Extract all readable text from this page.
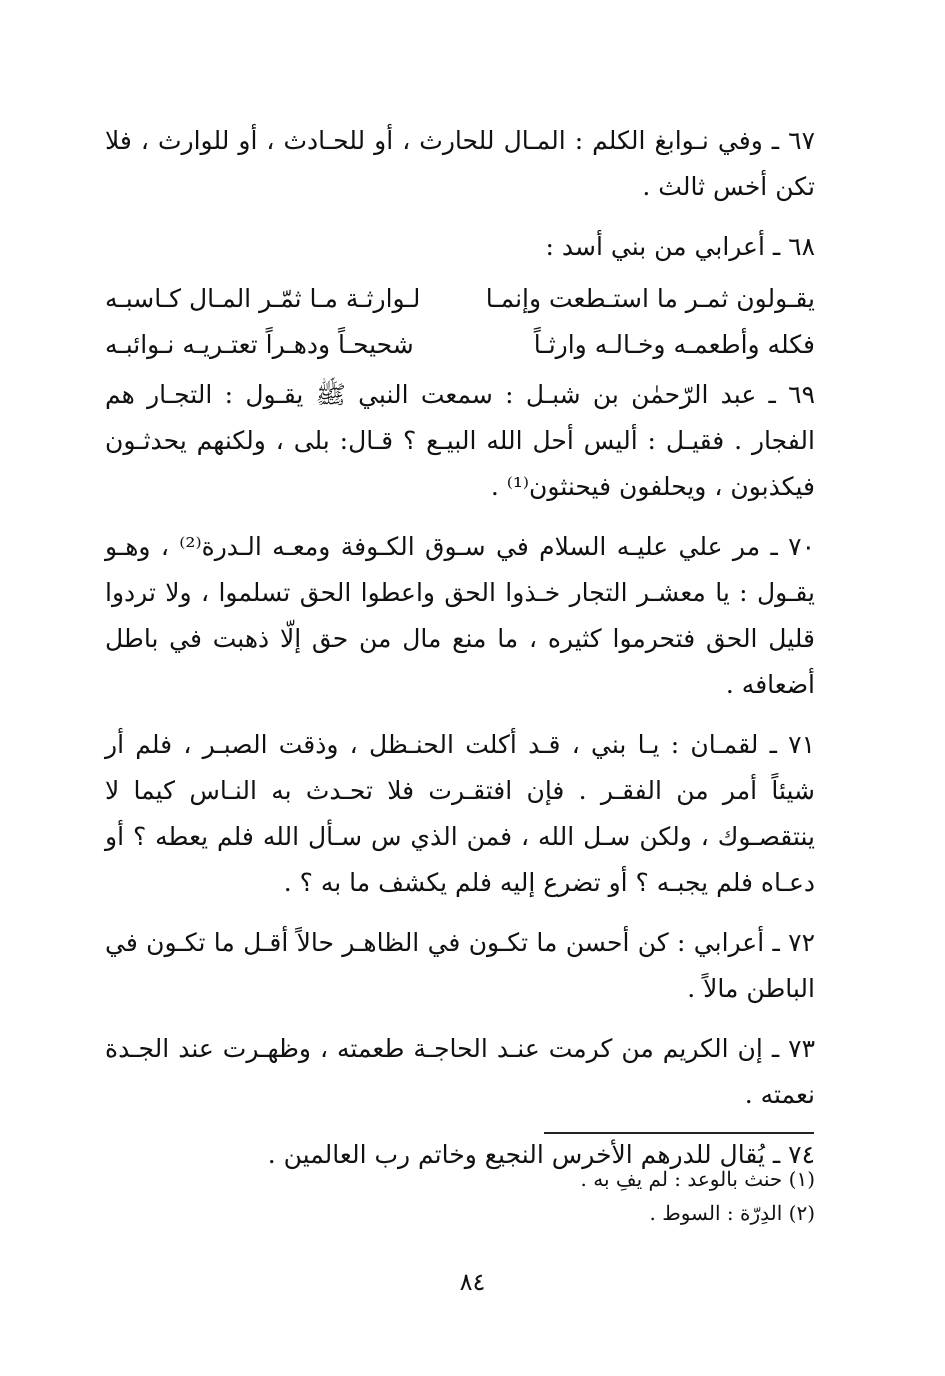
٦٧ ـ وفي نـوابغ الكلم : المـال للحارث ، أو للحـادث ، أو للوارث ، فلا تكن أخس ثالث .

٦٨ ـ أعرابي من بني أسد :

يقـولون ثمـر ما استـطعت وإنمـا
لـوارثـة مـا ثمّـر المـال كـاسبـه
فكله وأطعمـه وخـالـه وارثـاً
شحيحـاً ودهـراً تعتـريـه نـوائبـه

٦٩ ـ عبد الرّحمٰن بن شبـل : سمعت النبي ﷺ يقـول : التجـار هم الفجار . فقيـل : أليس أحل الله البيـع ؟ قـال: بلى ، ولكنهم يحدثـون فيكذبون ، ويحلفون فيحنثون⁽¹⁾ .

٧٠ ـ مر علي عليـه السلام في سـوق الكـوفة ومعـه الـدرة⁽²⁾ ، وهـو يقـول : يا معشـر التجار خـذوا الحق واعطوا الحق تسلموا ، ولا تردوا قليل الحق فتحرموا كثيره ، ما منع مال من حق إلّا ذهبت في باطل أضعافه .

٧١ ـ لقمـان : يـا بني ، قـد أكلت الحنـظل ، وذقت الصبـر ، فلم أر شيئاً أمر من الفقـر . فإن افتقـرت فلا تحـدث به النـاس كيما لا ينتقصـوك ، ولكن سـل الله ، فمن الذي س سـأل الله فلم يعطه ؟ أو دعـاه فلم يجبـه ؟ أو تضرع إليه فلم يكشف ما به ؟ .

٧٢ ـ أعرابي : كن أحسن ما تكـون في الظاهـر حالاً أقـل ما تكـون في الباطن مالاً .

٧٣ ـ إن الكريم من كرمت عنـد الحاجـة طعمته ، وظهـرت عند الجـدة نعمته .

٧٤ ـ يُقال للدرهم الأخرس النجيع وخاتم رب العالمين .

(١) حنث بالوعد : لم يفِ به .
(٢) الدِرّة : السوط .
٨٤
